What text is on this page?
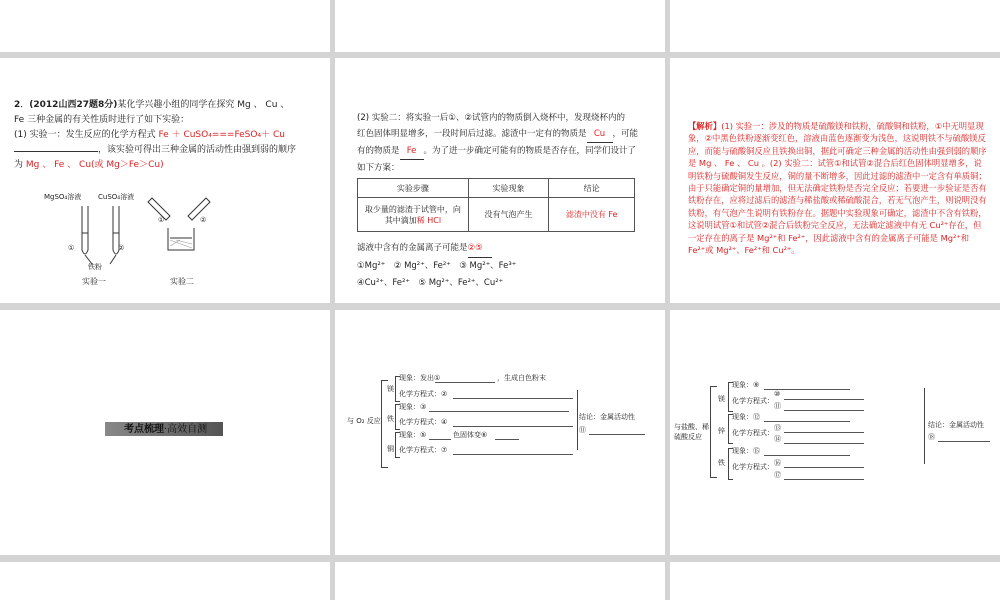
2．(2012山西27题8分)某化学兴趣小组的同学在探究 Mg 、 Cu 、
Fe 三种金属的有关性质时进行了如下实验：
(1) 实验一：发生反应的化学方程式 Fe ＋ CuSO₄===FeSO₄＋ Cu
，该实验可得出三种金属的活动性由强到弱的顺序
为 Mg 、 Fe 、 Cu(或 Mg＞Fe＞Cu)
MgSO₄溶液 CuSO₄溶液
①	②
①	②
铁粉
实验一	实验二
(2) 实验二：将实验一后①、②试管内的物质倒入烧杯中，发现烧杯内的
红色固体明显增多，一段时间后过滤。滤渣中一定有的物质是 Cu ，可能
有的物质是 Fe 。为了进一步确定可能有的物质是否存在，同学们设计了
如下方案：
实验步骤	实验现象	结论
取少量的滤渣于试管中，向其中滴加稀 HCl	没有气泡产生	滤渣中没有 Fe
滤液中含有的金属离子可能是②⑤
①Mg²⁺　② Mg²⁺、Fe²⁺　③ Mg²⁺、Fe³⁺
④Cu²⁺、Fe²⁺　⑤ Mg²⁺、Fe²⁺、Cu²⁺
【解析】(1) 实验一：涉及的物质是硫酸镁和铁粉，硫酸铜和铁粉，①中无明显现象，②中黑色铁粉逐渐变红色，溶液由蓝色逐渐变为浅色，这说明铁不与硫酸镁反应，而能与硫酸铜反应且铁换出铜，据此可确定三种金属的活动性由强到弱的顺序是 Mg 、 Fe 、 Cu 。(2) 实验二：试管①和试管②混合后红色固体明显增多，说明铁粉与硫酸铜发生反应，铜的量不断增多，因此过滤的滤渣中一定含有单质铜；由于只能确定铜的量增加，但无法确定铁粉是否完全反应；若要进一步验证是否有铁粉存在，应将过滤后的滤渣与稀盐酸或稀硫酸混合，若无气泡产生，则说明没有铁粉，有气泡产生说明有铁粉存在。据题中实验现象可确定，滤渣中不含有铁粉，这说明试管①和试管②混合后铁粉完全反应，无法确定滤液中有无 Cu²⁺存在，但一定存在的离子是 Mg²⁺和 Fe²⁺，因此滤液中含有的金属离子可能是 Mg²⁺和 Fe²⁺或 Mg²⁺、Fe²⁺和 Cu²⁺。
考点梳理·高效自测
与 O₂ 反应
镁
铁
铜
现象：发出①	，生成白色粉末
化学方程式：②
现象：③
化学方程式：④
现象：⑤	色固体变⑥
化学方程式：⑦
结论：金属活动性
⑪	与盐酸、稀
硫酸反应
镁
锌
铁
现象：⑨
化学方程式：
⑩
⑪
现象：⑫
化学方程式：
⑬
⑭
现象：⑮
化学方程式： ⑯
⑰
结论：金属活动性
⑱
